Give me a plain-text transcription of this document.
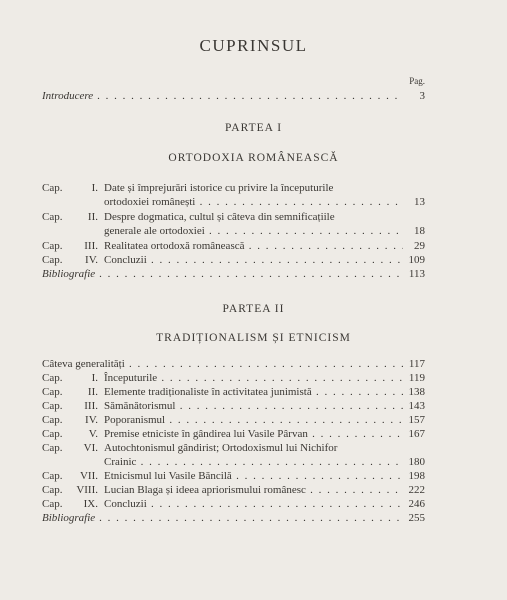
CUPRINSUL
Pag.
Introducere . . .	3
PARTEA I
ORTODOXIA ROMÂNEASCĂ
Cap.	I. Date și împrejurări istorice cu privire la începuturile
ortodoxiei românești . . .	13
Cap.	II. Despre dogmatica, cultul și câteva din semnificațiile
generale ale ortodoxiei . . .	18
Cap.	III. Realitatea ortodoxă românească . . .	29
Cap.	IV. Concluzii . . .	109
Bibliografie . . .	113
PARTEA II
TRADIȚIONALISM ȘI ETNICISM
Câteva generalități . . .	117
Cap.	I. Începuturile . . .	119
Cap.	II. Elemente tradiționaliste în activitatea junimistă . . .	138
Cap.	III. Sămănătorismul . . .	143
Cap.	IV. Poporanismul . . .	157
Cap.	V. Premise etniciste în gândirea lui Vasile Pârvan . . .	167
Cap.	VI. Autochtonismul gândirist; Ortodoxismul lui Nichifor
Crainic . . .	180
Cap.	VII. Etnicismul lui Vasile Băncilă . . .	198
Cap.	VIII. Lucian Blaga și ideea apriorismului românesc . . .	222
Cap.	IX. Concluzii . . .	246
Bibliografie . . .	255
